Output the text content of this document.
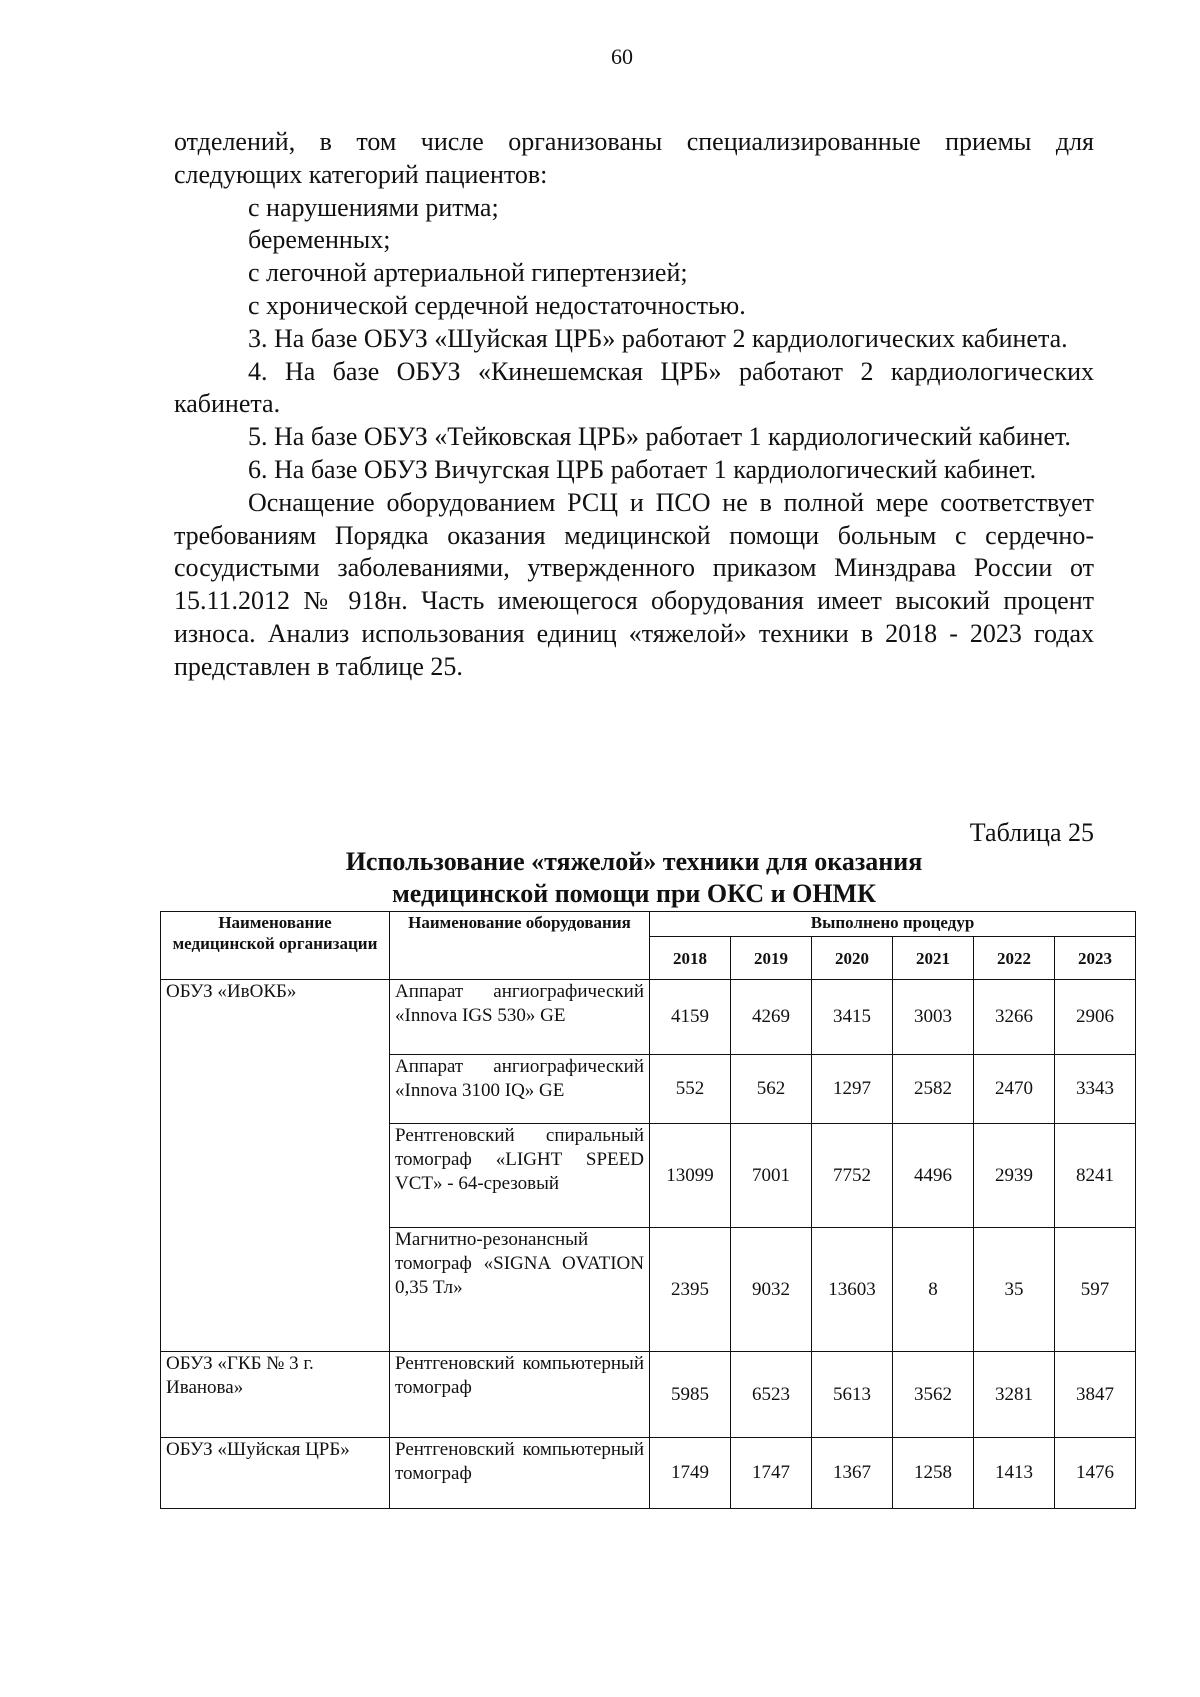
60

отделений, в том числе организованы специализированные приемы для

следующих категорий пациентов:

с нарушениями ритма;

беременных;

с легочной артериальной гипертензией;

с хронической сердечной недостаточностью.

3. На базе ОБУЗ «Шуйская ЦРБ» работают 2 кардиологических кабинета.

4. На базе ОБУЗ «Кинешемская ЦРБ» работают 2 кардиологических кабинета.

5. На базе ОБУЗ «Тейковская ЦРБ» работает 1 кардиологический кабинет.

6. На базе ОБУЗ Вичугская ЦРБ работает 1 кардиологический кабинет.

Оснащение оборудованием РСЦ и ПСО не в полной мере соответствует требованиям Порядка оказания медицинской помощи больным с сердечно-сосудистыми заболеваниями, утвержденного приказом Минздрава России от 15.11.2012 № 918н. Часть имеющегося оборудования имеет высокий процент износа. Анализ использования единиц «тяжелой» техники в 2018 - 2023 годах представлен в таблице 25.

Таблица 25
Использование «тяжелой» техники для оказания
медицинской помощи при ОКС и ОНМК
Наименование медицинской организации	Наименование оборудования	Выполнено процедур					
		2018	2019	2020	2021	2022	2023
ОБУЗ «ИвОКБ»	Аппарат ангиографический «Innova IGS 530» GE	4159	4269	3415	3003	3266	2906
	Аппарат ангиографический «Innova 3100 IQ» GE	552	562	1297	2582	2470	3343
	Рентгеновский спиральный томограф «LIGHT SPEED VCT» - 64-срезовый	13099	7001	7752	4496	2939	8241
	Магнитно-резонансный томограф «SIGNA OVATION 0,35 Тл»	2395	9032	13603	8	35	597
ОБУЗ «ГКБ № 3 г. Иванова»	Рентгеновский компьютерный томограф	5985	6523	5613	3562	3281	3847
ОБУЗ «Шуйская ЦРБ»	Рентгеновский компьютерный томограф	1749	1747	1367	1258	1413	1476
